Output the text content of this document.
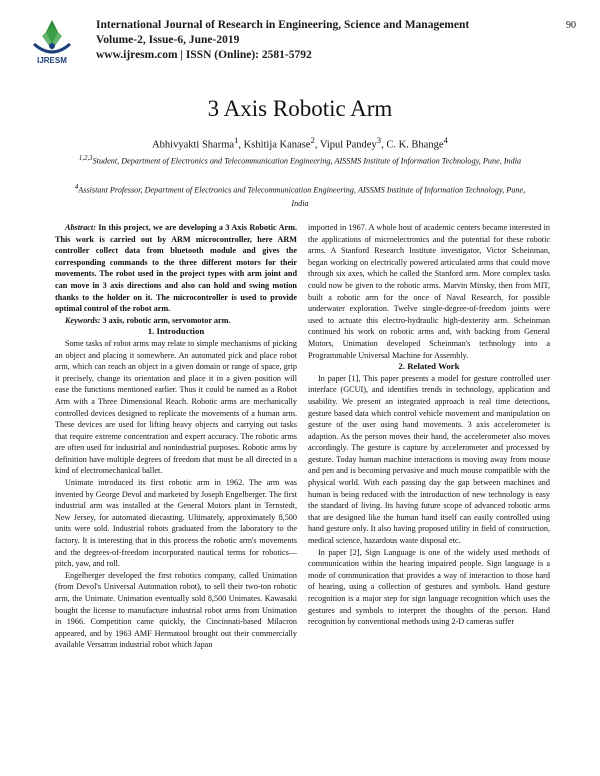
IJRESM
International Journal of Research in Engineering, Science and Management
Volume-2, Issue-6, June-2019
www.ijresm.com | ISSN (Online): 2581-5792
90
3 Axis Robotic Arm
Abhivyakti Sharma$^1$, Kshitija Kanase$^2$, Vipul Pandey$^3$, C. K. Bhange$^4$
$^{1,2,3}$Student, Department of Electronics and Telecommunication Engineering, AISSMS Institute of Information Technology, Pune, India
$^4$Assistant Professor, Department of Electronics and Telecommunication Engineering, AISSMS Institute of Information Technology, Pune, India

Abstract: In this project, we are developing a 3 Axis Robotic Arm. This work is carried out by ARM microcontroller, here ARM controller collect data from bluetooth module and gives the corresponding commands to the three different motors for their movements. The robot used in the project types with arm joint and can move in 3 axis directions and also can hold and swing motion thanks to the holder on it. The microcontroller is used to provide optimal control of the robot arm.

Keywords: 3 axis, robotic arm, servomotor arm.

1. Introduction

Some tasks of robot arms may relate to simple mechanisms of picking an object and placing it somewhere. An automated pick and place robot arm, which can reach an object in a given domain or range of space, grip it precisely, change its orientation and place it in a given position will ease the functions mentioned earlier. Thus it could be named as a Robot Arm with a Three Dimensional Reach. Robotic arms are mechanically controlled devices designed to replicate the movements of a human arm. These devices are used for lifting heavy objects and carrying out tasks that require extreme concentration and expert accuracy. The robotic arms are often used for industrial and nonindustrial purposes. Robotic arms by definition have multiple degrees of freedom that must be all directed in a kind of electromechanical ballet.

Unimate introduced its first robotic arm in 1962. The arm was invented by George Devol and marketed by Joseph Engelberger. The first industrial arm was installed at the General Motors plant in Ternstedt, New Jersey, for automated diecasting. Ultimately, approximately 8,500 units were sold. Industrial robots graduated from the laboratory to the factory. It is interesting that in this process the robotic arm's movements and the degrees-of-freedom incorporated nautical terms for robotics—pitch, yaw, and roll.

Engelberger developed the first robotics company, called Unimation (from Devol's Universal Automation robot), to sell their two-ton robotic arm, the Unimate. Unimation eventually sold 8,500 Unimates. Kawasaki bought the license to manufacture industrial robot arms from Unimation in 1966. Competition came quickly, the Cincinnati-based Milacron appeared, and by 1963 AMF Hermatool brought out their commercially available Versatran industrial robot which Japan

imported in 1967. A whole host of academic centers became interested in the applications of microelectronics and the potential for these robotic arms. A Stanford Research Institute investigator, Victor Scheinman, began working on electrically powered articulated arms that could move through six axes, which he called the Stanford arm. More complex tasks could now be given to the robotic arms. Marvin Minsky, then from MIT, built a robotic arm for the once of Naval Research, for possible underwater exploration. Twelve single-degree-of-freedom joints were used to actuate this electro-hydraulic high-dexterity arm. Scheinman continued his work on robotic arms and, with backing from General Motors, Unimation developed Scheinman's technology into a Programmable Universal Machine for Assembly.

2. Related Work

In paper [1], This paper presents a model for gesture controlled user interface (GCUI), and identifies trends in technology, application and usability. We present an integrated approach is real time detections, gesture based data which control vehicle movement and manipulation on gesture of the user using hand movements. 3 axis accelerometer is adaption. As the person moves their hand, the accelerometer also moves accordingly. The gesture is capture by accelerometer and processed by gesture. Today human machine interactions is moving away from mouse and pen and is becoming pervasive and much mouse compatible with the physical world. With each passing day the gap between machines and human is being reduced with the introduction of new technology is easy the standard of living. Its having future scope of advanced robotic arms that are designed like the human hand itself can easily controlled using hand gesture only. It also having proposed utility in field of construction, medical science, hazardous waste disposal etc.

In paper [2], Sign Language is one of the widely used methods of communication within the hearing impaired people. Sign language is a mode of communication that provides a way of interaction to those hard of hearing, using a collection of gestures and symbols. Hand gesture recognition is a major step for sign language recognition which uses the gestures and symbols to interpret the thoughts of the person. Hand recognition by conventional methods using 2-D cameras suffer
